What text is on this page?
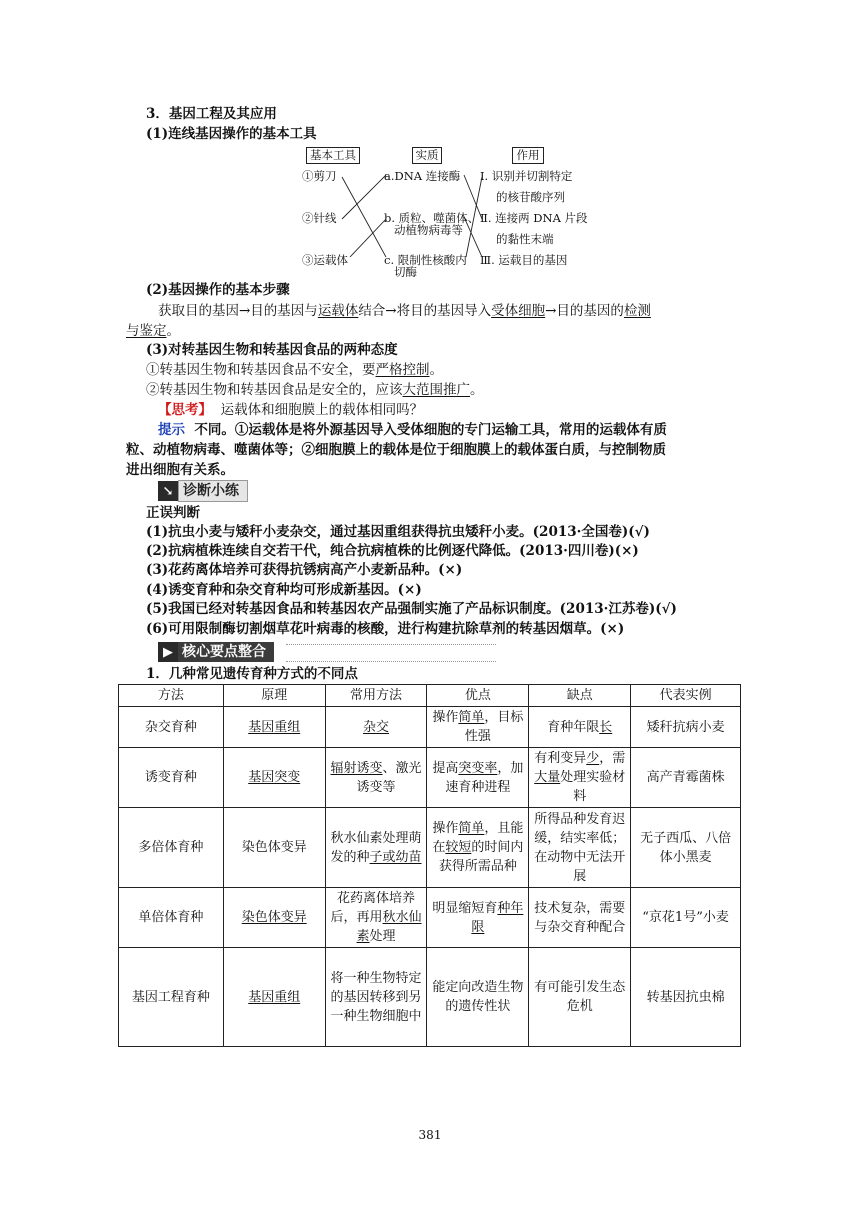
3．基因工程及其应用
(1)连线基因操作的基本工具
基本工具	实质	作用
①剪刀
②针线
③运载体
a.DNA 连接酶
b. 质粒、噬菌体、
动植物病毒等
c. 限制性核酸内
切酶
Ⅰ. 识别并切割特定
的核苷酸序列
Ⅱ. 连接两 DNA 片段
的黏性末端
Ⅲ. 运载目的基因
(2)基因操作的基本步骤
获取目的基因→目的基因与运载体结合→将目的基因导入受体细胞→目的基因的检测
与鉴定。
(3)对转基因生物和转基因食品的两种态度
①转基因生物和转基因食品不安全，要严格控制。
②转基因生物和转基因食品是安全的，应该大范围推广。
【思考】 运载体和细胞膜上的载体相同吗？
提示 不同。①运载体是将外源基因导入受体细胞的专门运输工具，常用的运载体有质
粒、动植物病毒、噬菌体等；②细胞膜上的载体是位于细胞膜上的载体蛋白质，与控制物质
进出细胞有关系。
↘ 诊断小练
正误判断
(1)抗虫小麦与矮秆小麦杂交，通过基因重组获得抗虫矮秆小麦。(2013·全国卷)(√)
(2)抗病植株连续自交若干代，纯合抗病植株的比例逐代降低。(2013·四川卷)(×)
(3)花药离体培养可获得抗锈病高产小麦新品种。(×)
(4)诱变育种和杂交育种均可形成新基因。(×)
(5)我国已经对转基因食品和转基因农产品强制实施了产品标识制度。(2013·江苏卷)(√)
(6)可用限制酶切割烟草花叶病毒的核酸，进行构建抗除草剂的转基因烟草。(×)
▶ 核心要点整合
1．几种常见遗传育种方式的不同点
方法	原理	常用方法	优点	缺点	代表实例
杂交育种	基因重组	杂交	操作简单，目标性强	育种年限长	矮秆抗病小麦
诱变育种	基因突变	辐射诱变、激光诱变等	提高突变率，加速育种进程	有利变异少，需大量处理实验材料	高产青霉菌株
多倍体育种	染色体变异	秋水仙素处理萌发的种子或幼苗	操作简单，且能在较短的时间内获得所需品种	所得品种发育迟缓，结实率低；在动物中无法开展	无子西瓜、八倍体小黑麦
单倍体育种	染色体变异	花药离体培养后，再用秋水仙素处理	明显缩短育种年限	技术复杂，需要与杂交育种配合	“京花1号”小麦
基因工程育种	基因重组	将一种生物特定的基因转移到另一种生物细胞中	能定向改造生物的遗传性状	有可能引发生态危机	转基因抗虫棉
381
